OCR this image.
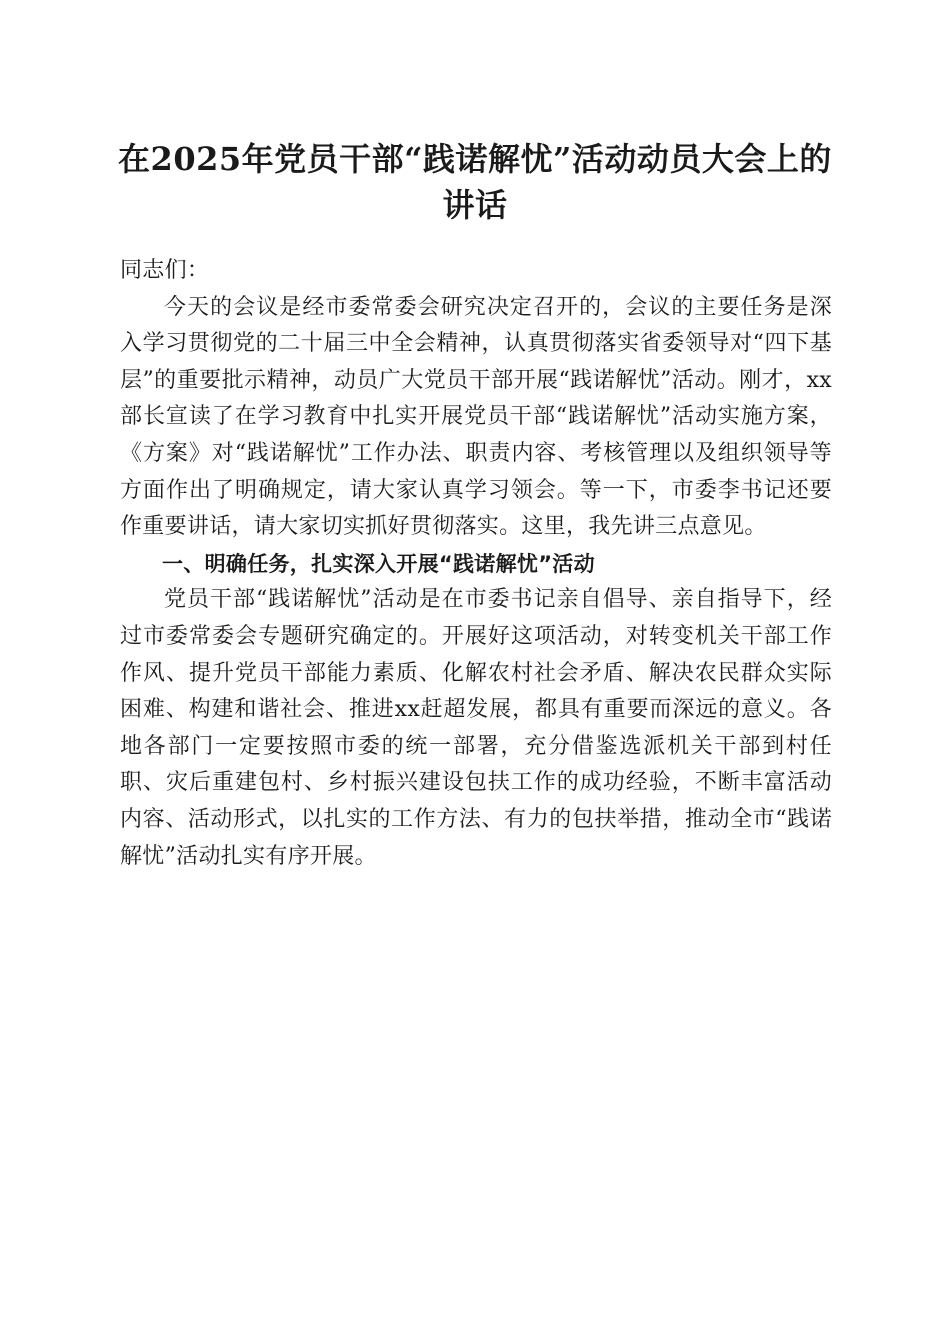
在2025年党员干部“践诺解忧”活动动员大会上的讲话

同志们：

今天的会议是经市委常委会研究决定召开的，会议的主要任务是深入学习贯彻党的二十届三中全会精神，认真贯彻落实省委领导对“四下基层”的重要批示精神，动员广大党员干部开展“践诺解忧”活动。刚才，xx部长宣读了在学习教育中扎实开展党员干部“践诺解忧”活动实施方案，《方案》对“践诺解忧”工作办法、职责内容、考核管理以及组织领导等方面作出了明确规定，请大家认真学习领会。等一下，市委李书记还要作重要讲话，请大家切实抓好贯彻落实。这里，我先讲三点意见。

一、明确任务，扎实深入开展“践诺解忧”活动

党员干部“践诺解忧”活动是在市委书记亲自倡导、亲自指导下，经过市委常委会专题研究确定的。开展好这项活动，对转变机关干部工作作风、提升党员干部能力素质、化解农村社会矛盾、解决农民群众实际困难、构建和谐社会、推进xx赶超发展，都具有重要而深远的意义。各地各部门一定要按照市委的统一部署，充分借鉴选派机关干部到村任职、灾后重建包村、乡村振兴建设包扶工作的成功经验，不断丰富活动内容、活动形式，以扎实的工作方法、有力的包扶举措，推动全市“践诺解忧”活动扎实有序开展。
